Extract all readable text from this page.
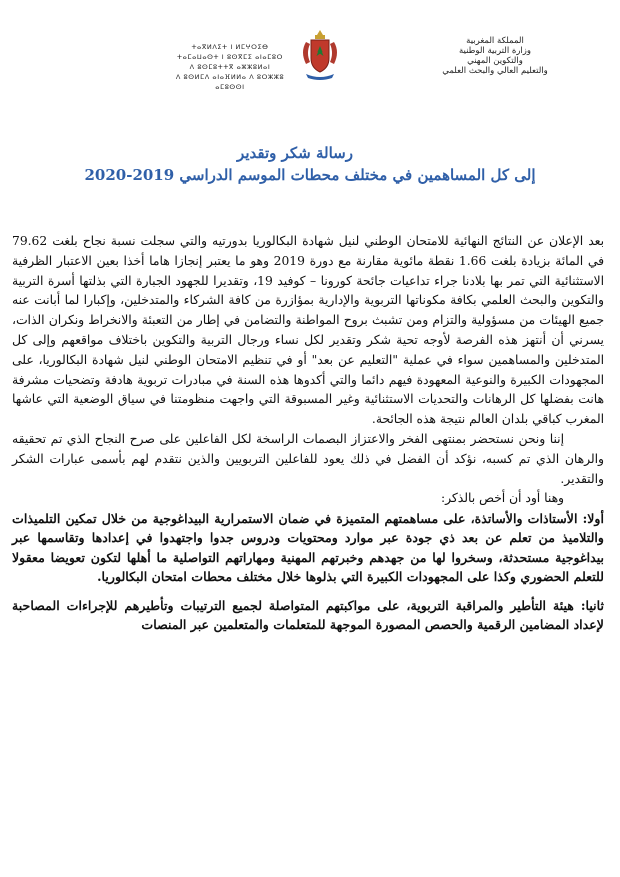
ⵜⴰⴳⵍⴷⵉⵜ ⵏ ⵍⵎⵖⵔⵉⴱ
ⵜⴰⵎⴰⵡⴰⵙⵜ ⵏ ⵓⵙⴳⵎⵉ ⴰⵏⴰⵎⵓⵔ
ⴷ ⵓⵙⵎⵓⵜⵜⴳ ⴰⵣⵣⵓⵍⴰⵏ
ⴷ ⵓⵙⵍⵎⴷ ⴰⵏⴰⴼⵍⵍⴰ ⴷ ⵓⵔⵣⵣⵓ ⴰⵎⵓⵙⵙⵏ
المملكة المغربية
وزارة التربية الوطنية
والتكوين المهني
والتعليم العالي والبحث العلمي
رسالة شكر وتقدير
إلى كل المساهمين في مختلف محطات الموسم الدراسي 2019-2020

بعد الإعلان عن النتائج النهائية للامتحان الوطني لنيل شهادة البكالوريا بدورتيه والتي سجلت نسبة نجاح بلغت 79.62 في المائة بزيادة بلغت 1.66 نقطة مائوية مقارنة مع دورة 2019 وهو ما يعتبر إنجازا هاما أخذا بعين الاعتبار الظرفية الاستثنائية التي تمر بها بلادنا جراء تداعيات جائحة كورونا – كوفيد 19، وتقديرا للجهود الجبارة التي بذلتها أسرة التربية والتكوين والبحث العلمي بكافة مكوناتها التربوية والإدارية بمؤازرة من كافة الشركاء والمتدخلين، وإكبارا لما أبانت عنه جميع الهيئات من مسؤولية والتزام ومن تشبث بروح المواطنة والتضامن في إطار من التعبئة والانخراط ونكران الذات، يسرني أن أنتهز هذه الفرصة لأوجه تحية شكر وتقدير لكل نساء ورجال التربية والتكوين باختلاف مواقعهم وإلى كل المتدخلين والمساهمين سواء في عملية "التعليم عن بعد" أو في تنظيم الامتحان الوطني لنيل شهادة البكالوريا، على المجهودات الكبيرة والنوعية المعهودة فيهم دائما والتي أكدوها هذه السنة في مبادرات تربوية هادفة وتضحيات مشرفة هانت بفضلها كل الرهانات والتحديات الاستثنائية وغير المسبوقة التي واجهت منظومتنا في سياق الوضعية التي عاشها المغرب كباقي بلدان العالم نتيجة هذه الجائحة.

إننا ونحن نستحضر بمنتهى الفخر والاعتزاز البصمات الراسخة لكل الفاعلين على صرح النجاح الذي تم تحقيقه والرهان الذي تم كسبه، نؤكد أن الفضل في ذلك يعود للفاعلين التربويين والذين نتقدم لهم بأسمى عبارات الشكر والتقدير.

وهنا أود أن أخص بالذكر:

أولا: الأستاذات والأساتذة، على مساهمتهم المتميزة في ضمان الاستمرارية البيداغوجية من خلال تمكين التلميذات والتلاميذ من تعلم عن بعد ذي جودة عبر موارد ومحتويات ودروس جدوا واجتهدوا في إعدادها وتقاسمها عبر بيداغوجية مستحدثة، وسخروا لها من جهدهم وخبرتهم المهنية ومهاراتهم التواصلية ما أهلها لتكون تعويضا معقولا للتعلم الحضوري وكذا على المجهودات الكبيرة التي بذلوها خلال مختلف محطات امتحان البكالوريا.

ثانيا: هيئة التأطير والمراقبة التربوية، على مواكبتهم المتواصلة لجميع الترتيبات وتأطيرهم للإجراءات المصاحبة لإعداد المضامين الرقمية والحصص المصورة الموجهة للمتعلمات والمتعلمين عبر المنصات
